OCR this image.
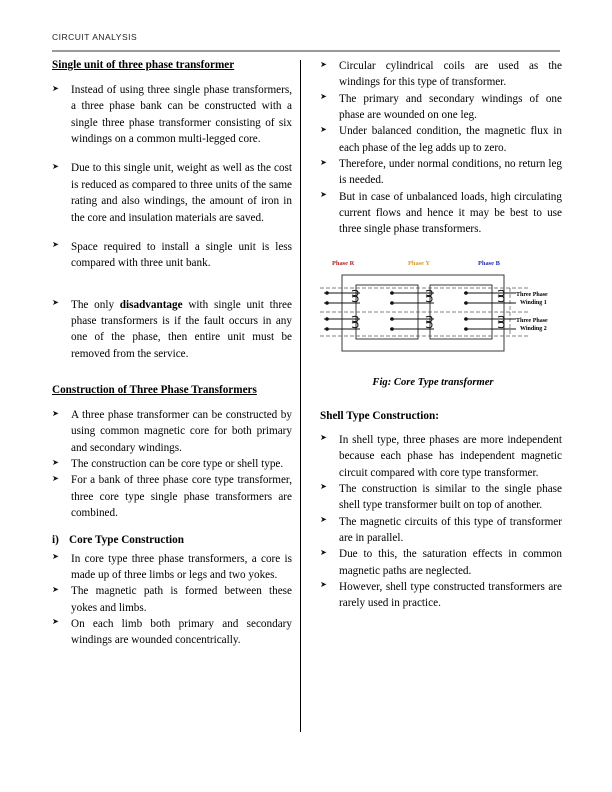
CIRCUIT ANALYSIS
Single unit of three phase transformer
➤ Instead of using three single phase transformers, a three phase bank can be constructed with a single three phase transformer consisting of six windings on a common multi-legged core.
➤ Due to this single unit, weight as well as the cost is reduced as compared to three units of the same rating and also windings, the amount of iron in the core and insulation materials are saved.
➤ Space required to install a single unit is less compared with three unit bank.
➤ The only disadvantage with single unit three phase transformers is if the fault occurs in any one of the phase, then entire unit must be removed from the service.
Construction of Three Phase Transformers
➤ A three phase transformer can be constructed by using common magnetic core for both primary and secondary windings.
➤ The construction can be core type or shell type.
➤ For a bank of three phase core type transformer, three core type single phase transformers are combined.
i) Core Type Construction
➤ In core type three phase transformers, a core is made up of three limbs or legs and two yokes.
➤ The magnetic path is formed between these yokes and limbs.
➤ On each limb both primary and secondary windings are wounded concentrically.
➤ Circular cylindrical coils are used as the windings for this type of transformer.
➤ The primary and secondary windings of one phase are wounded on one leg.
➤ Under balanced condition, the magnetic flux in each phase of the leg adds up to zero.
➤ Therefore, under normal conditions, no return leg is needed.
➤ But in case of unbalanced loads, high circulating current flows and hence it may be best to use three single phase transformers.
Phase R	Phase Y	Phase B
Three Phase
Winding 1
Three Phase
Winding 2
Fig: Core Type transformer
Shell Type Construction:
➤ In shell type, three phases are more independent because each phase has independent magnetic circuit compared with core type transformer.
➤ The construction is similar to the single phase shell type transformer built on top of another.
➤ The magnetic circuits of this type of transformer are in parallel.
➤ Due to this, the saturation effects in common magnetic paths are neglected.
➤ However, shell type constructed transformers are rarely used in practice.
